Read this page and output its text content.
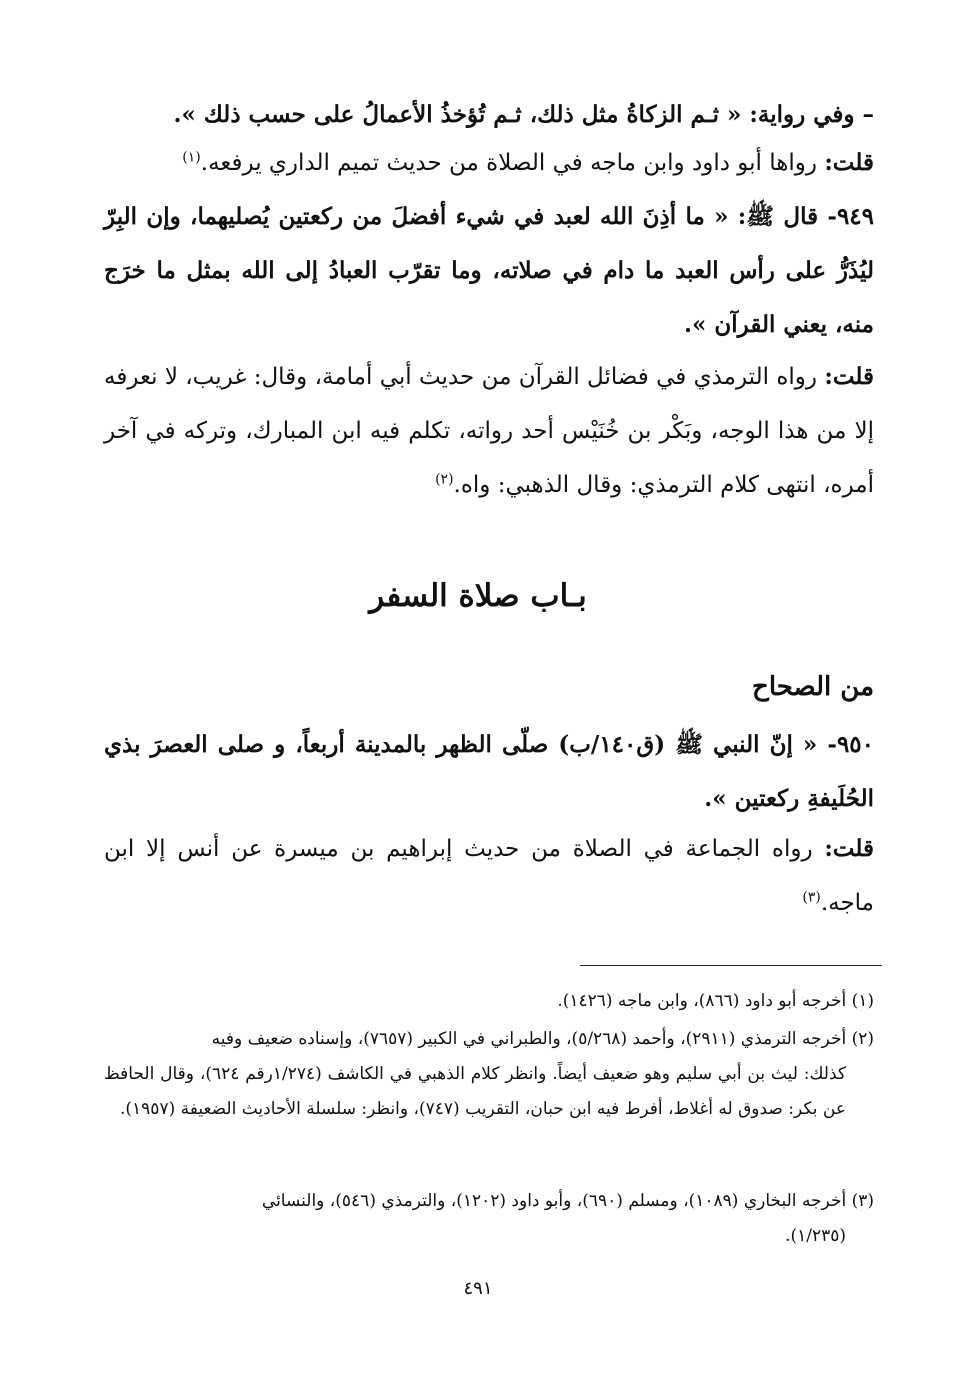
– وفي رواية: « ثـم الزكاةُ مثل ذلك، ثـم تُؤخذُ الأعمالُ على حسب ذلك ».

قلت: رواها أبو داود وابن ماجه في الصلاة من حديث تميم الداري يرفعه.$^{(١)}$

٩٤٩- قال ﷺ: « ما أذِنَ الله لعبد في شيء أفضلَ من ركعتين يُصليهما، وإن البِرّ ليُذَرُّ على رأس العبد ما دام في صلاته، وما تقرّب العبادُ إلى الله بمثل ما خرَج منه، يعني القرآن ».

قلت: رواه الترمذي في فضائل القرآن من حديث أبي أمامة، وقال: غريب، لا نعرفه إلا من هذا الوجه، وبَكْر بن خُنَيْس أحد رواته، تكلم فيه ابن المبارك، وتركه في آخر أمره، انتهى كلام الترمذي: وقال الذهبي: واه.$^{(٢)}$

بـاب صلاة السفر
من الصحاح

٩٥٠- « إنّ النبي ﷺ (ق١٤٠/ب) صلّى الظهر بالمدينة أربعاً، و صلى العصرَ بذي الحُلَيفةِ ركعتين ».

قلت: رواه الجماعة في الصلاة من حديث إبراهيم بن ميسرة عن أنس إلا ابن ماجه.$^{(٣)}$

(١) أخرجه أبو داود (٨٦٦)، وابن ماجه (١٤٢٦).

(٢) أخرجه الترمذي (٢٩١١)، وأحمد (٥/٢٦٨)، والطبراني في الكبير (٧٦٥٧)، وإسناده ضعيف وفيه
كذلك: ليث بن أبي سليم وهو ضعيف أيضاً. وانظر كلام الذهبي في الكاشف (١/٢٧٤رقم ٦٢٤)، وقال الحافظ عن بكر: صدوق له أغلاط، أفرط فيه ابن حبان، التقريب (٧٤٧)، وانظر: سلسلة الأحاديث الضعيفة (١٩٥٧).

(٣) أخرجه البخاري (١٠٨٩)، ومسلم (٦٩٠)، وأبو داود (١٢٠٢)، والترمذي (٥٤٦)، والنسائي
(١/٢٣٥).

٤٩١
